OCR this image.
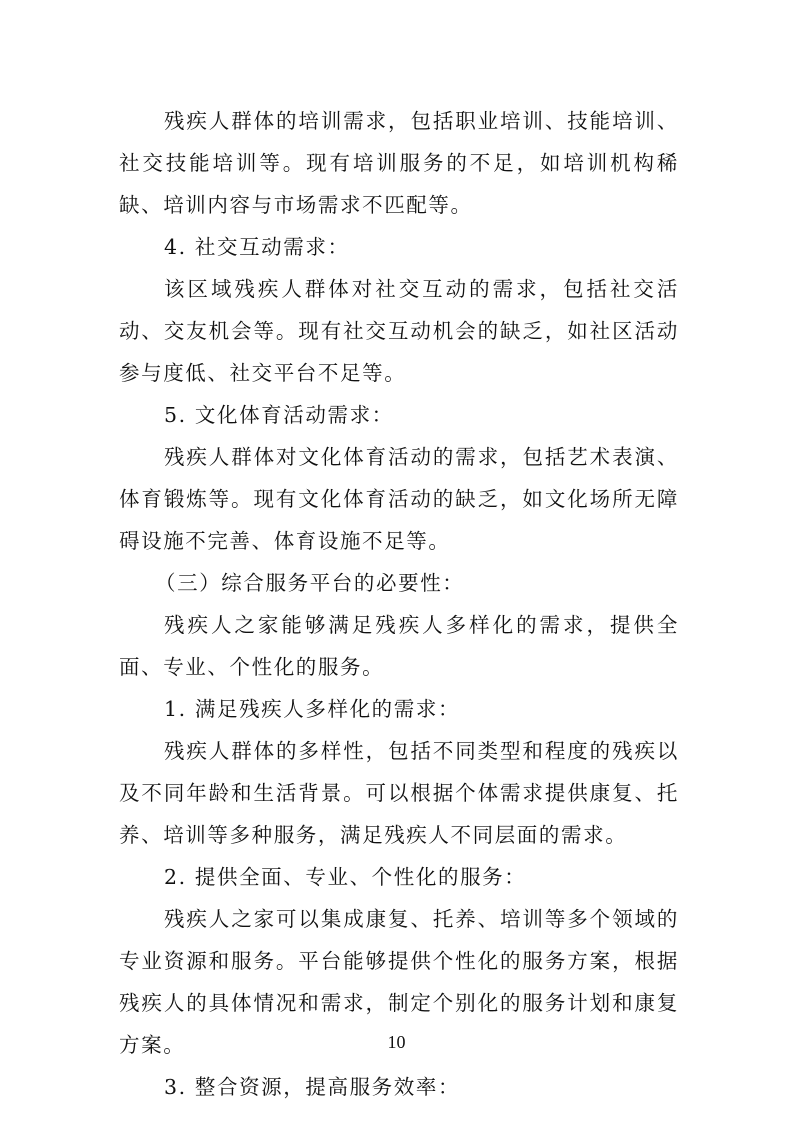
残疾人群体的培训需求，包括职业培训、技能培训、社交技能培训等。现有培训服务的不足，如培训机构稀缺、培训内容与市场需求不匹配等。

4. 社交互动需求：

该区域残疾人群体对社交互动的需求，包括社交活动、交友机会等。现有社交互动机会的缺乏，如社区活动参与度低、社交平台不足等。

5. 文化体育活动需求：

残疾人群体对文化体育活动的需求，包括艺术表演、体育锻炼等。现有文化体育活动的缺乏，如文化场所无障碍设施不完善、体育设施不足等。

（三）综合服务平台的必要性：

残疾人之家能够满足残疾人多样化的需求，提供全面、专业、个性化的服务。

1. 满足残疾人多样化的需求：

残疾人群体的多样性，包括不同类型和程度的残疾以及不同年龄和生活背景。可以根据个体需求提供康复、托养、培训等多种服务，满足残疾人不同层面的需求。

2. 提供全面、专业、个性化的服务：

残疾人之家可以集成康复、托养、培训等多个领域的专业资源和服务。平台能够提供个性化的服务方案，根据残疾人的具体情况和需求，制定个别化的服务计划和康复方案。

3. 整合资源，提高服务效率：

10
